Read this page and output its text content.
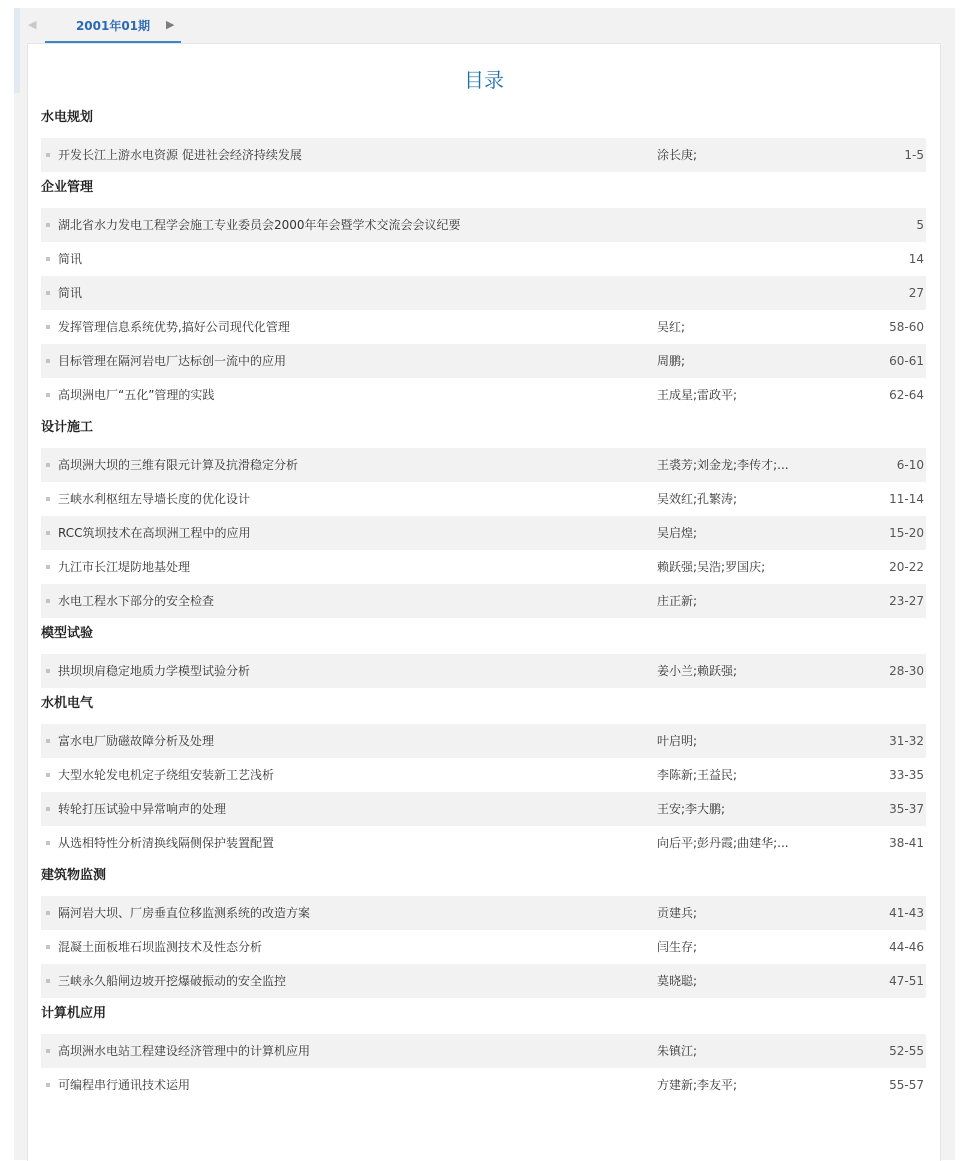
◀	2001年01期	▶
目录
水电规划
开发长江上游水电资源 促进社会经济持续发展	涂长庚;	1-5
企业管理
湖北省水力发电工程学会施工专业委员会2000年年会暨学术交流会会议纪要	5
简讯	14
简讯	27
发挥管理信息系统优势,搞好公司现代化管理	吴红;	58-60
目标管理在隔河岩电厂达标创一流中的应用	周鹏;	60-61
高坝洲电厂“五化”管理的实践	王成星;雷政平;	62-64
设计施工
高坝洲大坝的三维有限元计算及抗滑稳定分析	王裘芳;刘金龙;李传才;...	6-10
三峡水利枢纽左导墙长度的优化设计	吴效红;孔繁涛;	11-14
RCC筑坝技术在高坝洲工程中的应用	吴启煌;	15-20
九江市长江堤防地基处理	赖跃强;吴浩;罗国庆;	20-22
水电工程水下部分的安全检查	庄正新;	23-27
模型试验
拱坝坝肩稳定地质力学模型试验分析	姜小兰;赖跃强;	28-30
水机电气
富水电厂励磁故障分析及处理	叶启明;	31-32
大型水轮发电机定子绕组安装新工艺浅析	李陈新;王益民;	33-35
转轮打压试验中异常响声的处理	王安;李大鹏;	35-37
从选相特性分析清换线隔侧保护装置配置	向后平;彭丹霞;曲建华;...	38-41
建筑物监测
隔河岩大坝、厂房垂直位移监测系统的改造方案	贡建兵;	41-43
混凝土面板堆石坝监测技术及性态分析	闫生存;	44-46
三峡永久船闸边坡开挖爆破振动的安全监控	莫晓聪;	47-51
计算机应用
高坝洲水电站工程建设经济管理中的计算机应用	朱镇江;	52-55
可编程串行通讯技术运用	方建新;李友平;	55-57
